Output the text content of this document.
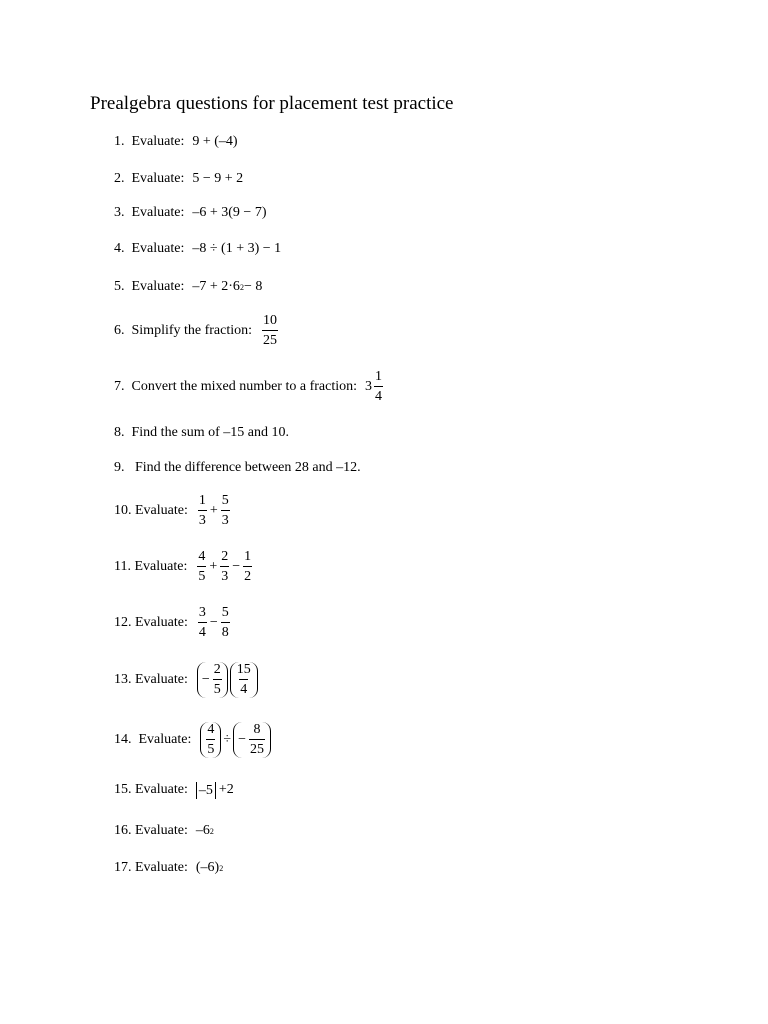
Prealgebra questions for placement test practice
1.
Evaluate: 9 + (–4)
2.
Evaluate: 5 − 9 + 2
3.
Evaluate: –6 + 3(9 − 7)
4.
Evaluate: –8 ÷ (1 + 3) − 1
5.
Evaluate: –7 + 2·6 2 − 8
6.
Simplify the fraction: $\frac{10}{25}$
7.
Convert the mixed number to a fraction: $3 \frac{1}{4}$
8.
Find the sum of
–15
and
10 .
9.
Find the difference between
28
and
–12 .
10.
Evaluate: $\frac{1}{3} + \frac{5}{3}$
11.
Evaluate: $\frac{4}{5} + \frac{2}{3} - \frac{1}{2}$
12.
Evaluate: $\frac{3}{4} - \frac{5}{8}$
13.
Evaluate: − $\frac{2}{5} \frac{15}{4}$
14.
Evaluate: $\frac{4}{5}$ ÷ − $\frac{8}{25}$
15.
Evaluate: –5 +2
16.
Evaluate: –6 2
17.
Evaluate: (–6) 2
